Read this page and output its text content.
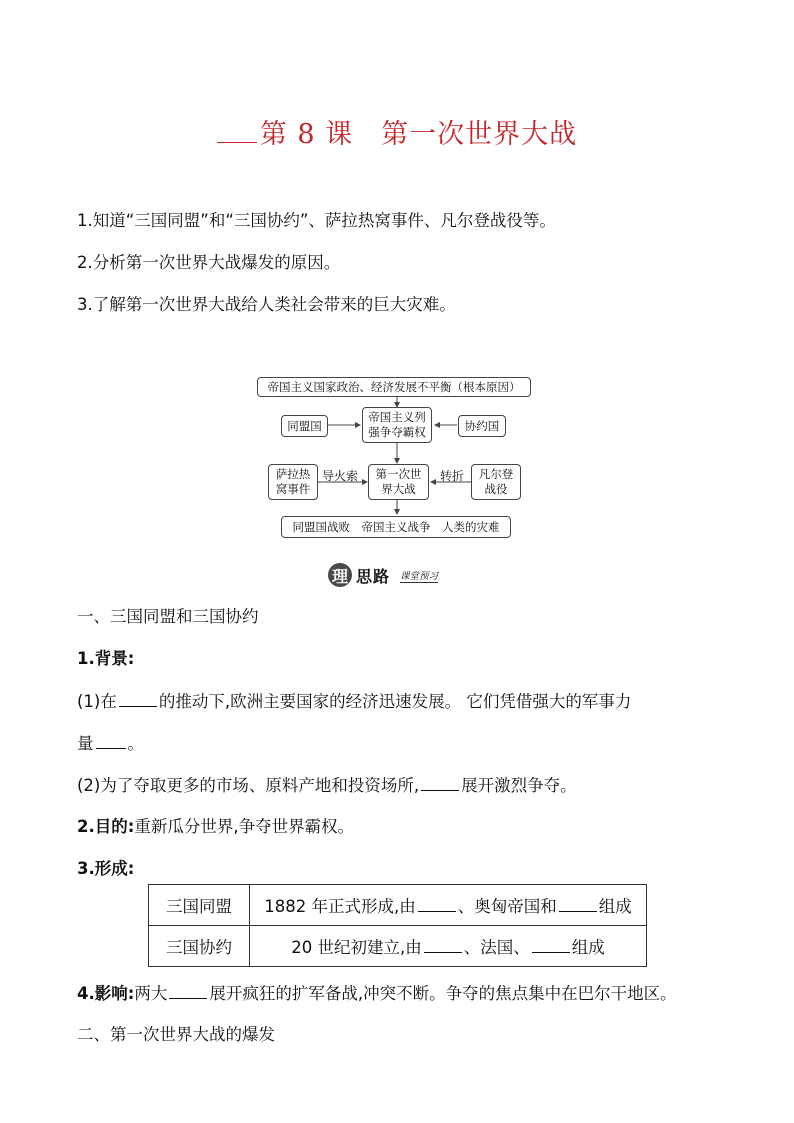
第 8 课 第一次世界大战
1.知道“三国同盟”和“三国协约”、萨拉热窝事件、凡尔登战役等。
2.分析第一次世界大战爆发的原因。
3.了解第一次世界大战给人类社会带来的巨大灾难。
帝国主义国家政治、经济发展不平衡（根本原因）
同盟国
帝国主义列强争夺霸权	协约国
萨拉热窝事件
导火索	第一次世界大战
转折	凡尔登战役
同盟国战败　帝国主义战争　人类的灾难
理 思路 课堂预习
一、三国同盟和三国协约
1.背景:
(1)在	的推动下,欧洲主要国家的经济迅速发展。 它们凭借强大的军事力
量 。
(2)为了夺取更多的市场、原料产地和投资场所,	展开激烈争夺。
2.目的:重新瓜分世界,争夺世界霸权。
3.形成:
三国同盟	1882 年正式形成,由 、奥匈帝国和 组成
三国协约	20 世纪初建立,由 、法国、 组成
4.影响:两大	展开疯狂的扩军备战,冲突不断。争夺的焦点集中在巴尔干地区。
二、第一次世界大战的爆发
